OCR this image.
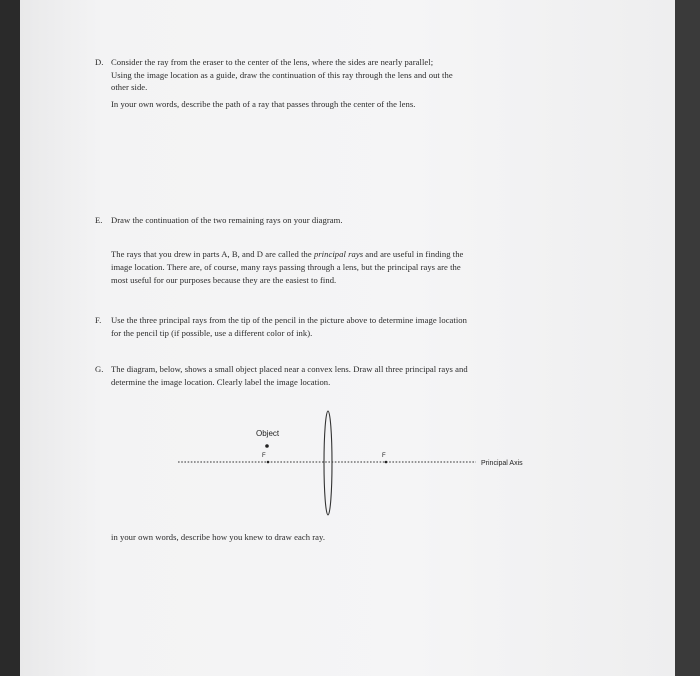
D. Consider the ray from the eraser to the center of the lens, where the sides are nearly parallel;
Using the image location as a guide, draw the continuation of this ray through the lens and out the
other side.
In your own words, describe the path of a ray that passes through the center of the lens.
E. Draw the continuation of the two remaining rays on your diagram.
The rays that you drew in parts A, B, and D are called the principal rays and are useful in finding the
image location. There are, of course, many rays passing through a lens, but the principal rays are the
most useful for our purposes because they are the easiest to find.
F. Use the three principal rays from the tip of the pencil in the picture above to determine image location
for the pencil tip (if possible, use a different color of ink).
G. The diagram, below, shows a small object placed near a convex lens. Draw all three principal rays and
determine the image location. Clearly label the image location.
in your own words, describe how you knew to draw each ray.
Object
F	F
Principal Axis
